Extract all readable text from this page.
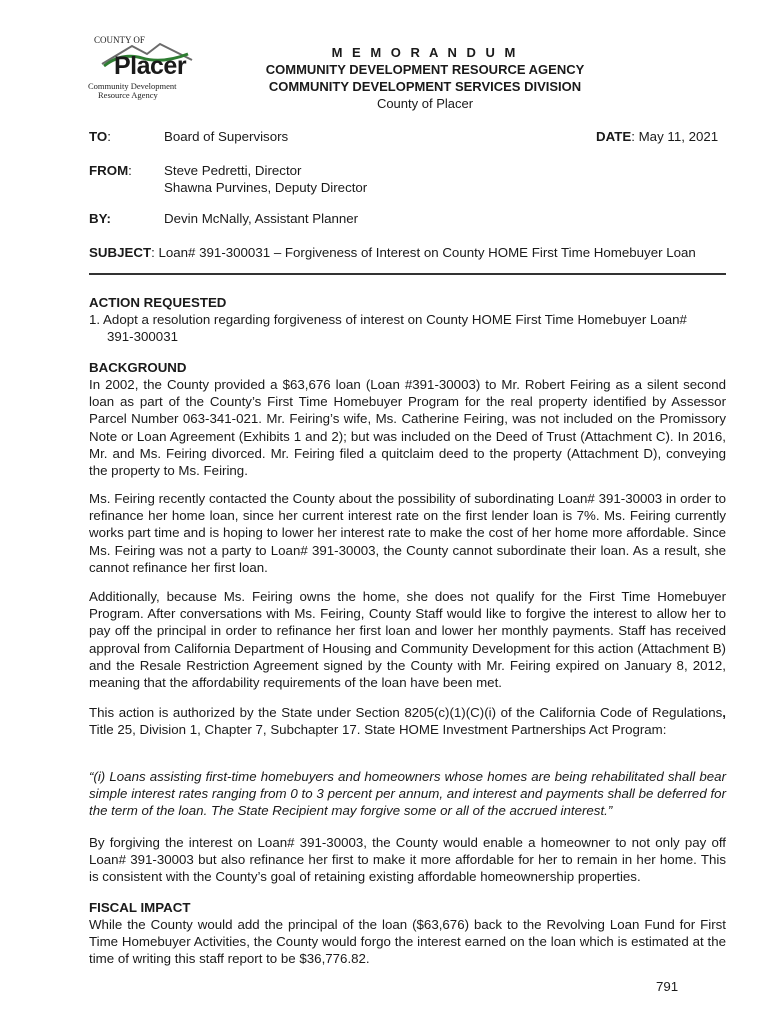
COUNTY OF
Placer
Community Development
Resource Agency
M E M O R A N D U M
COMMUNITY DEVELOPMENT RESOURCE AGENCY
COMMUNITY DEVELOPMENT SERVICES DIVISION
County of Placer
TO:	Board of Supervisors	DATE: May 11, 2021
FROM: Steve Pedretti, Director
Shawna Purvines, Deputy Director
BY:	Devin McNally, Assistant Planner
SUBJECT: Loan# 391-300031 – Forgiveness of Interest on County HOME First Time Homebuyer Loan
ACTION REQUESTED
1. Adopt a resolution regarding forgiveness of interest on County HOME First Time Homebuyer Loan#
391-300031
BACKGROUND
In 2002, the County provided a $63,676 loan (Loan #391-30003) to Mr. Robert Feiring as a silent second loan as part of the County’s First Time Homebuyer Program for the real property identified by Assessor Parcel Number 063-341-021. Mr. Feiring’s wife, Ms. Catherine Feiring, was not included on the Promissory Note or Loan Agreement (Exhibits 1 and 2); but was included on the Deed of Trust (Attachment C). In 2016, Mr. and Ms. Feiring divorced. Mr. Feiring filed a quitclaim deed to the property (Attachment D), conveying the property to Ms. Feiring.
Ms. Feiring recently contacted the County about the possibility of subordinating Loan# 391-30003 in order to refinance her home loan, since her current interest rate on the first lender loan is 7%. Ms. Feiring currently works part time and is hoping to lower her interest rate to make the cost of her home more affordable. Since Ms. Feiring was not a party to Loan# 391-30003, the County cannot subordinate their loan. As a result, she cannot refinance her first loan.
Additionally, because Ms. Feiring owns the home, she does not qualify for the First Time Homebuyer Program. After conversations with Ms. Feiring, County Staff would like to forgive the interest to allow her to pay off the principal in order to refinance her first loan and lower her monthly payments. Staff has received approval from California Department of Housing and Community Development for this action (Attachment B) and the Resale Restriction Agreement signed by the County with Mr. Feiring expired on January 8, 2012, meaning that the affordability requirements of the loan have been met.
This action is authorized by the State under Section 8205(c)(1)(C)(i) of the California Code of Regulations, Title 25, Division 1, Chapter 7, Subchapter 17. State HOME Investment Partnerships Act Program:
“(i) Loans assisting first-time homebuyers and homeowners whose homes are being rehabilitated shall bear simple interest rates ranging from 0 to 3 percent per annum, and interest and payments shall be deferred for the term of the loan. The State Recipient may forgive some or all of the accrued interest.”
By forgiving the interest on Loan# 391-30003, the County would enable a homeowner to not only pay off Loan# 391-30003 but also refinance her first to make it more affordable for her to remain in her home. This is consistent with the County’s goal of retaining existing affordable homeownership properties.
FISCAL IMPACT
While the County would add the principal of the loan ($63,676) back to the Revolving Loan Fund for First Time Homebuyer Activities, the County would forgo the interest earned on the loan which is estimated at the time of writing this staff report to be $36,776.82.
791
